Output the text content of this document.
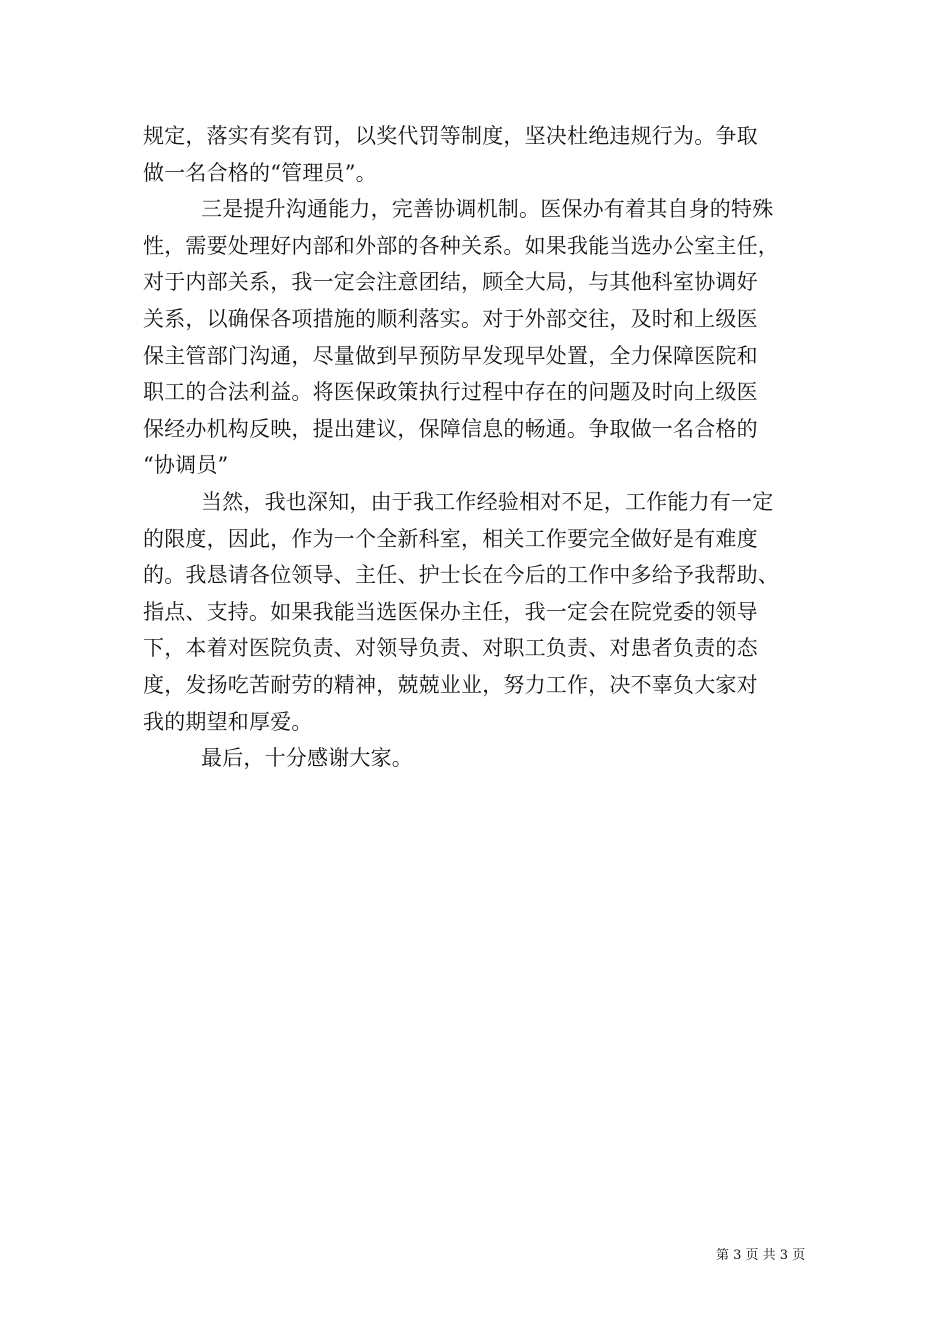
规定，落实有奖有罚，以奖代罚等制度，坚决杜绝违规行为。争取
做一名合格的“管理员”。
三是提升沟通能力，完善协调机制。医保办有着其自身的特殊
性，需要处理好内部和外部的各种关系。如果我能当选办公室主任，
对于内部关系，我一定会注意团结，顾全大局，与其他科室协调好
关系，以确保各项措施的顺利落实。对于外部交往，及时和上级医
保主管部门沟通，尽量做到早预防早发现早处置，全力保障医院和
职工的合法利益。将医保政策执行过程中存在的问题及时向上级医
保经办机构反映，提出建议，保障信息的畅通。争取做一名合格的
“协调员”
当然，我也深知，由于我工作经验相对不足，工作能力有一定
的限度，因此，作为一个全新科室，相关工作要完全做好是有难度
的。我恳请各位领导、主任、护士长在今后的工作中多给予我帮助、
指点、支持。如果我能当选医保办主任，我一定会在院党委的领导
下，本着对医院负责、对领导负责、对职工负责、对患者负责的态
度，发扬吃苦耐劳的精神，兢兢业业，努力工作，决不辜负大家对
我的期望和厚爱。
最后，十分感谢大家。
第 3 页 共 3 页
